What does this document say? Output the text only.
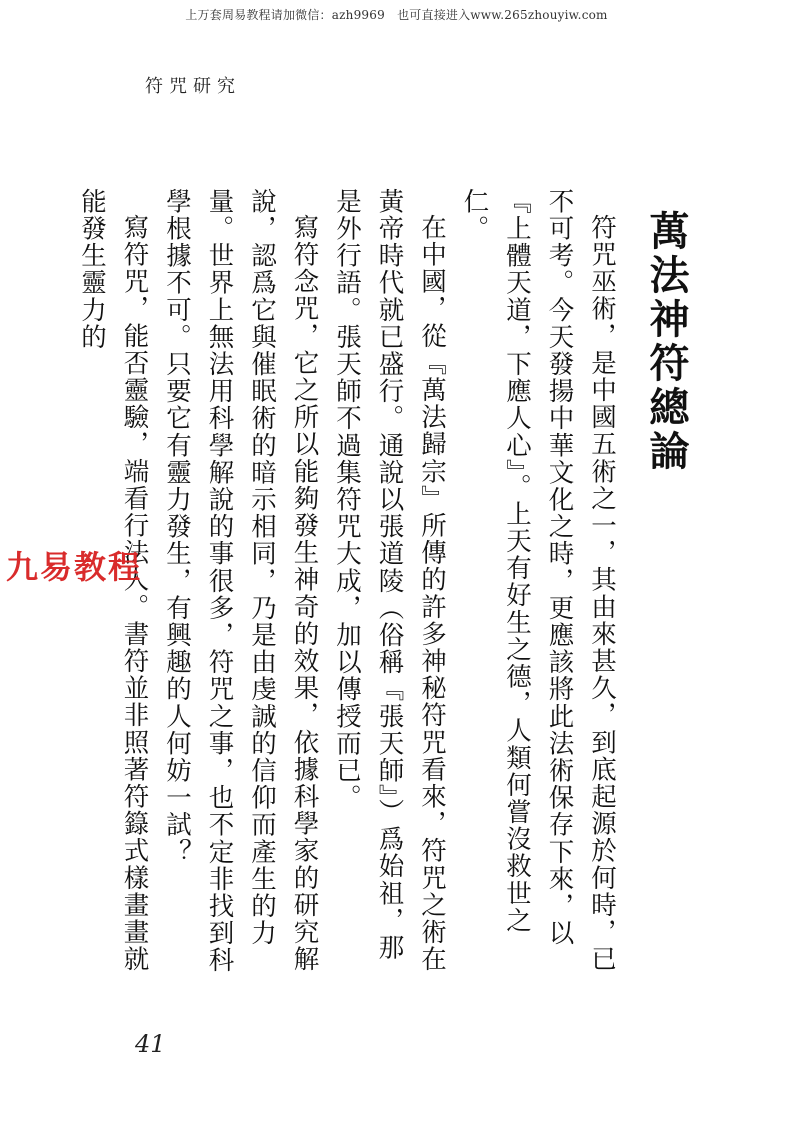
上万套周易教程请加微信：azh9969　也可直接进入www.265zhouyiw.com
符咒研究
萬法神符總論

符咒巫術，是中國五術之一，其由來甚久，到底起源於何時，已不可考。今天發揚中華文化之時，更應該將此法術保存下來，以『上體天道，下應人心』。上天有好生之德，人類何嘗沒救世之仁。

在中國，從『萬法歸宗』所傳的許多神秘符咒看來，符咒之術在黃帝時代就已盛行。通說以張道陵（俗稱『張天師』）爲始祖，那是外行語。張天師不過集符咒大成，加以傳授而已。

寫符念咒，它之所以能夠發生神奇的效果，依據科學家的研究解說，認爲它與催眠術的暗示相同，乃是由虔誠的信仰而產生的力量。世界上無法用科學解說的事很多，符咒之事，也不定非找到科學根據不可。只要它有靈力發生，有興趣的人何妨一試？

寫符咒，能否靈驗，端看行法人。書符並非照著符籙式樣畫畫就能發生靈力的

九易教程
41
